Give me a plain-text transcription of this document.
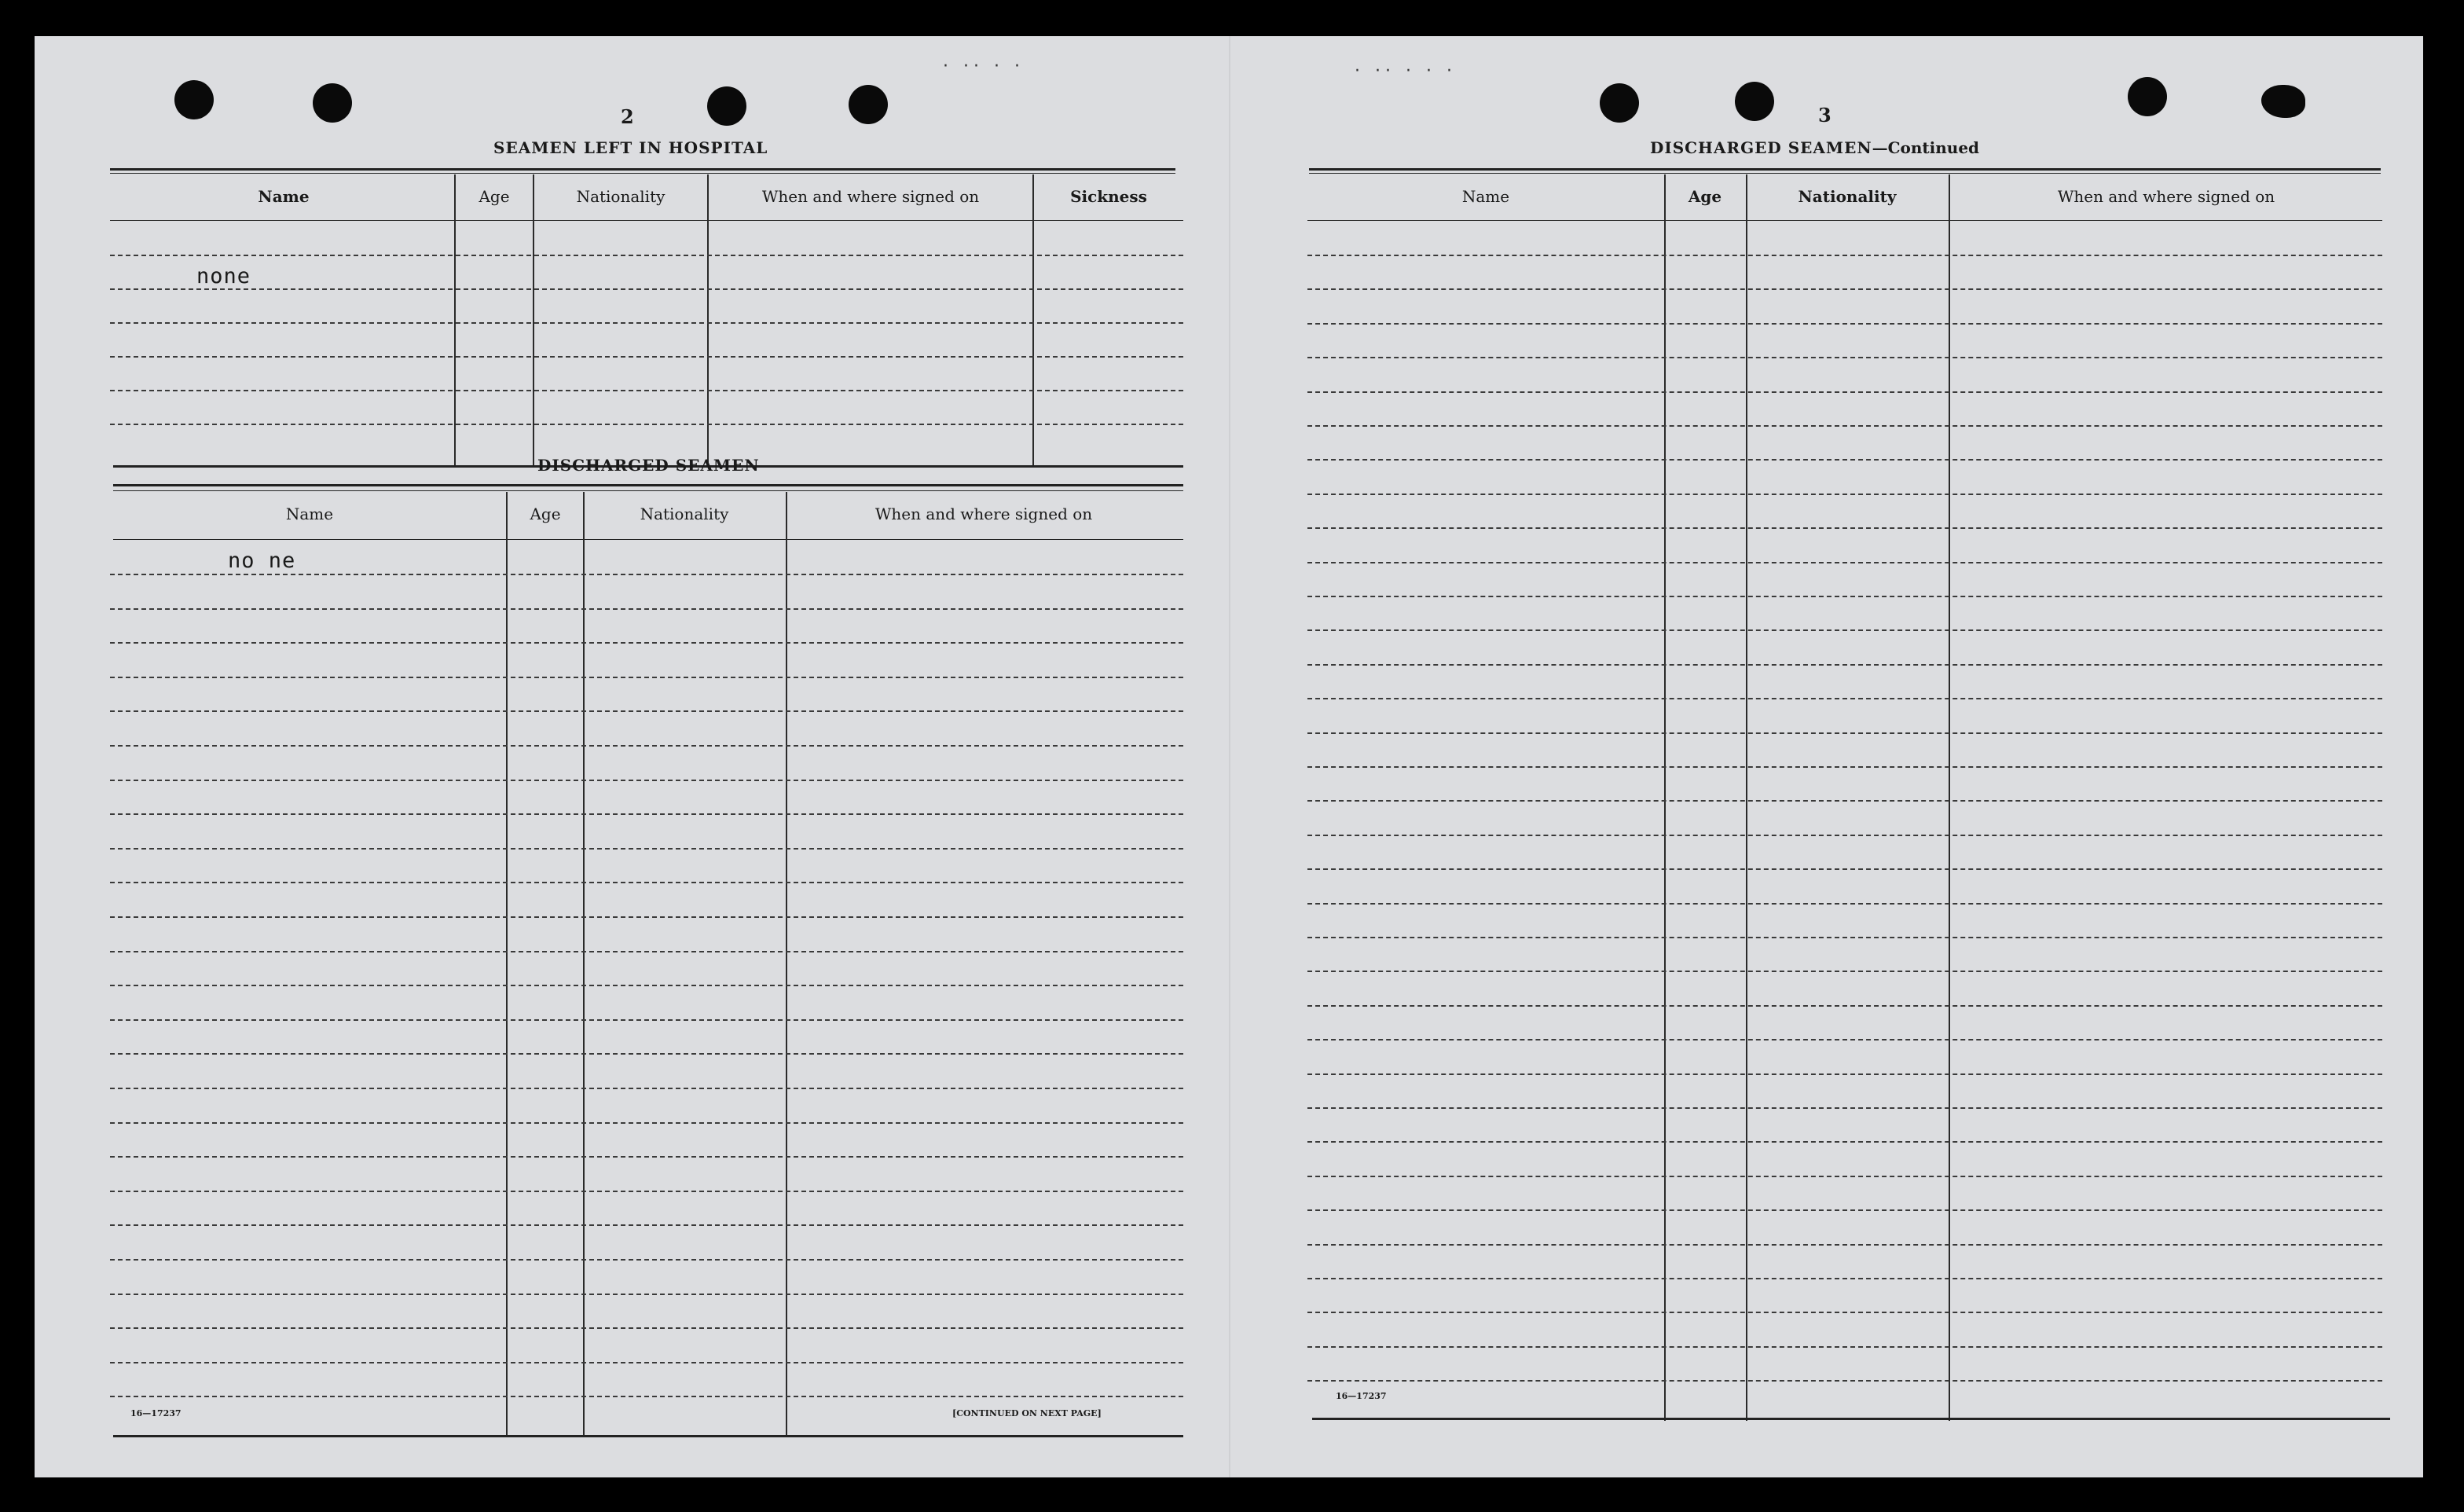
· ·· · ·	· ·· · · ·
2
SEAMEN LEFT IN HOSPITAL
Name	Age	Nationality	When and where signed on	Sickness
none
DISCHARGED SEAMEN
Name	Age	Nationality	When and where signed on
no ne
16—17237	[CONTINUED ON NEXT PAGE]
3
DISCHARGED SEAMEN—Continued
Name	Age	Nationality	When and where signed on
16—17237
